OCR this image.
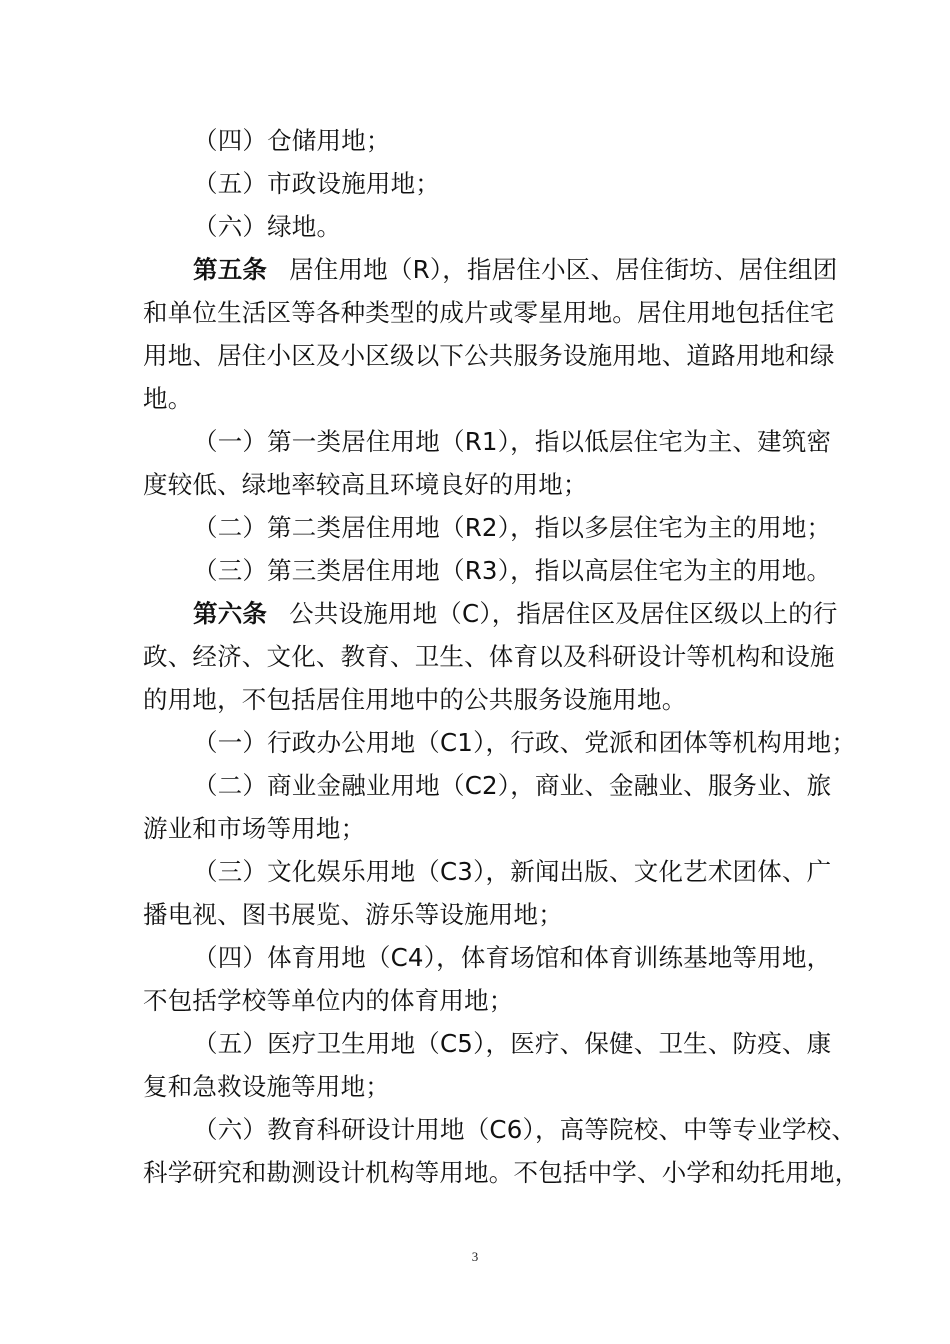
（四）仓储用地；
（五）市政设施用地；
（六）绿地。
第五条 居住用地（R），指居住小区、居住街坊、居住组团
和单位生活区等各种类型的成片或零星用地。居住用地包括住宅
用地、居住小区及小区级以下公共服务设施用地、道路用地和绿
地。
（一）第一类居住用地（R1），指以低层住宅为主、建筑密
度较低、绿地率较高且环境良好的用地；
（二）第二类居住用地（R2），指以多层住宅为主的用地；
（三）第三类居住用地（R3），指以高层住宅为主的用地。
第六条 公共设施用地（C），指居住区及居住区级以上的行
政、经济、文化、教育、卫生、体育以及科研设计等机构和设施
的用地，不包括居住用地中的公共服务设施用地。
（一）行政办公用地（C1），行政、党派和团体等机构用地；
（二）商业金融业用地（C2），商业、金融业、服务业、旅
游业和市场等用地；
（三）文化娱乐用地（C3），新闻出版、文化艺术团体、广
播电视、图书展览、游乐等设施用地；
（四）体育用地（C4），体育场馆和体育训练基地等用地，
不包括学校等单位内的体育用地；
（五）医疗卫生用地（C5），医疗、保健、卫生、防疫、康
复和急救设施等用地；
（六）教育科研设计用地（C6），高等院校、中等专业学校、
科学研究和勘测设计机构等用地。不包括中学、小学和幼托用地，
3
